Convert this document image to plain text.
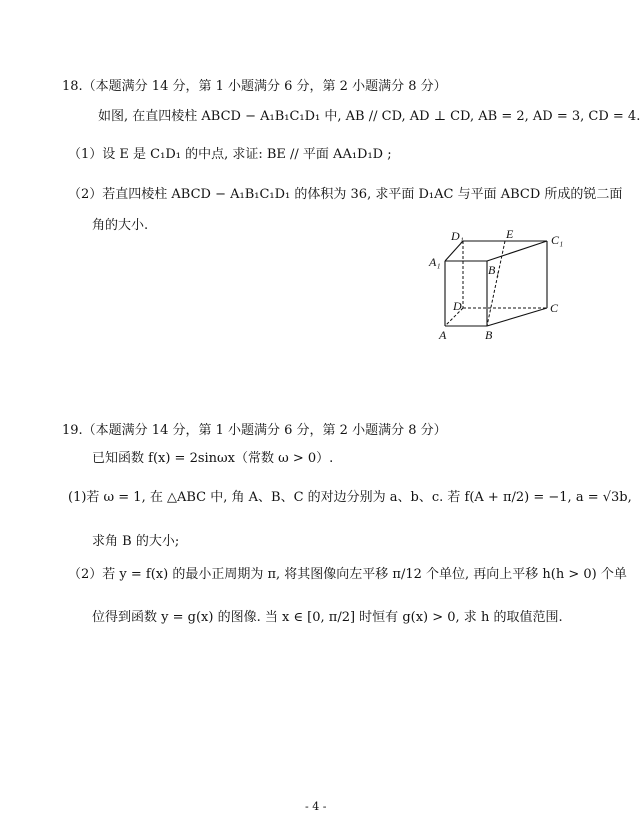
18.（本题满分 14 分，第 1 小题满分 6 分，第 2 小题满分 8 分）
如图, 在直四棱柱 ABCD − A₁B₁C₁D₁ 中, AB // CD, AD ⊥ CD, AB = 2, AD = 3, CD = 4.
（1）设 E 是 C₁D₁ 的中点, 求证: BE // 平面 AA₁D₁D ;
（2）若直四棱柱 ABCD − A₁B₁C₁D₁ 的体积为 36, 求平面 D₁AC 与平面 ABCD 所成的锐二面
角的大小.
D₁	E	C₁
A₁
B₁
D	C
A	B
19.（本题满分 14 分，第 1 小题满分 6 分，第 2 小题满分 8 分）
已知函数 f(x) = 2sinωx（常数 ω > 0）.
(1)若 ω = 1, 在 △ABC 中, 角 A、B、C 的对边分别为 a、b、c. 若 f(A + π/2) = −1, a = √3b,
求角 B 的大小;
（2）若 y = f(x) 的最小正周期为 π, 将其图像向左平移 π/12 个单位, 再向上平移 h(h > 0) 个单
位得到函数 y = g(x) 的图像. 当 x ∈ [0, π/2] 时恒有 g(x) > 0, 求 h 的取值范围.
- 4 -
